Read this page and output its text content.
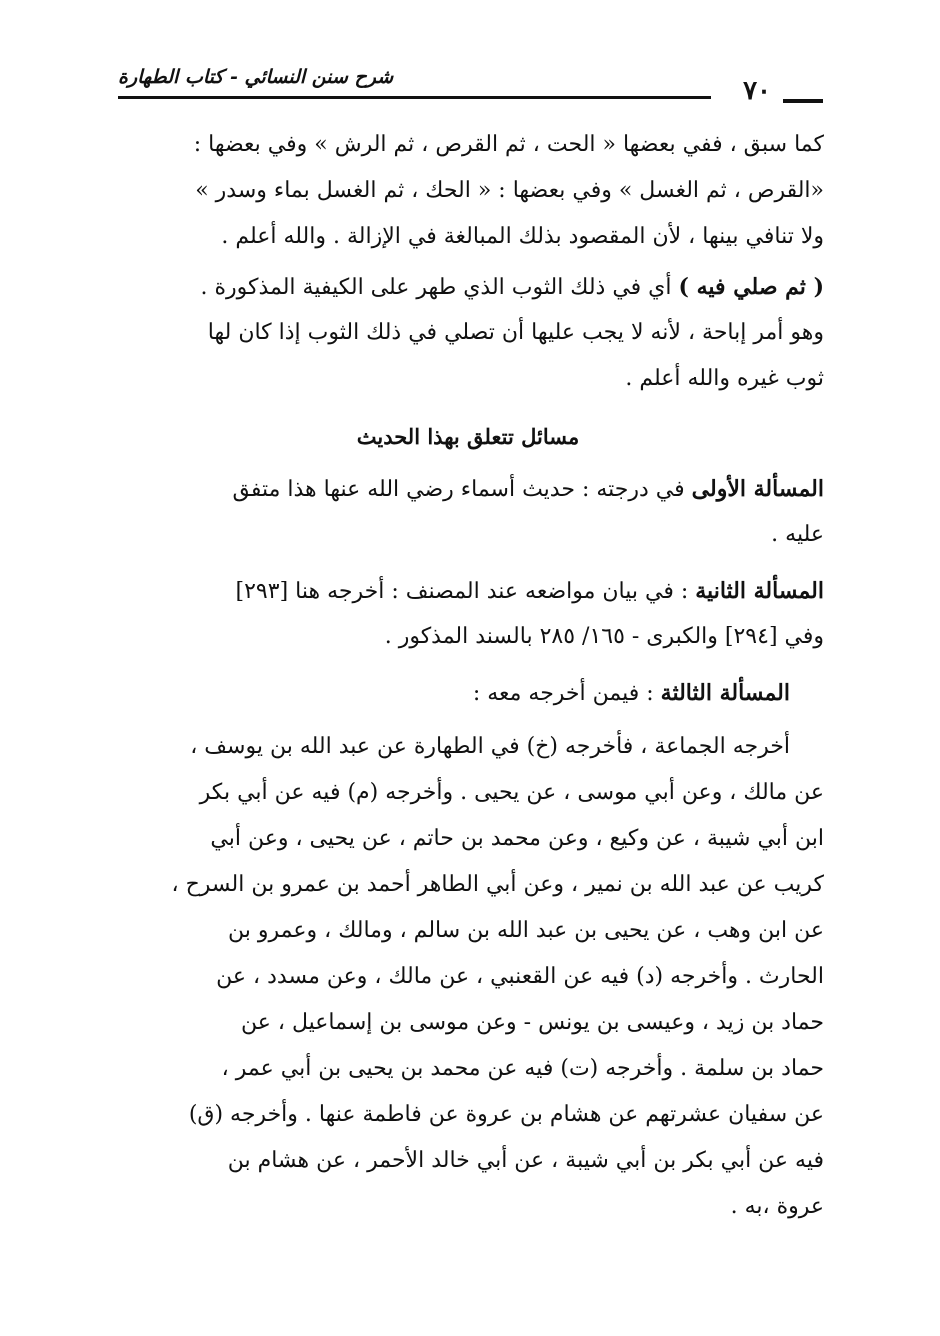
شرح سنن النسائي - كتاب الطهارة	٧٠
كما سبق ، ففي بعضها « الحت ، ثم القرص ، ثم الرش » وفي بعضها :
«القرص ، ثم الغسل » وفي بعضها : « الحك ، ثم الغسل بماء وسدر »
ولا تنافي بينها ، لأن المقصود بذلك المبالغة في الإزالة . والله أعلم .
( ثم صلي فيه ) أي في ذلك الثوب الذي طهر على الكيفية المذكورة .
وهو أمر إباحة ، لأنه لا يجب عليها أن تصلي في ذلك الثوب إذا كان لها
ثوب غيره والله أعلم .
مسائل تتعلق بهذا الحديث
المسألة الأولى في درجته : حديث أسماء رضي الله عنها هذا متفق
عليه .
المسألة الثانية : في بيان مواضعه عند المصنف : أخرجه هنا [٢٩٣]
وفي [٢٩٤] والكبرى - ١٦٥/ ٢٨٥ بالسند المذكور .
المسألة الثالثة : فيمن أخرجه معه :
أخرجه الجماعة ، فأخرجه (خ) في الطهارة عن عبد الله بن يوسف ،
عن مالك ، وعن أبي موسى ، عن يحيى . وأخرجه (م) فيه عن أبي بكر
ابن أبي شيبة ، عن وكيع ، وعن محمد بن حاتم ، عن يحيى ، وعن أبي
كريب عن عبد الله بن نمير ، وعن أبي الطاهر أحمد بن عمرو بن السرح ،
عن ابن وهب ، عن يحيى بن عبد الله بن سالم ، ومالك ، وعمرو بن
الحارث . وأخرجه (د) فيه عن القعنبي ، عن مالك ، وعن مسدد ، عن
حماد بن زيد ، وعيسى بن يونس - وعن موسى بن إسماعيل ، عن
حماد بن سلمة . وأخرجه (ت) فيه عن محمد بن يحيى بن أبي عمر ،
عن سفيان عشرتهم عن هشام بن عروة عن فاطمة عنها . وأخرجه (ق)
فيه عن أبي بكر بن أبي شيبة ، عن أبي خالد الأحمر ، عن هشام بن
عروة ،به .
